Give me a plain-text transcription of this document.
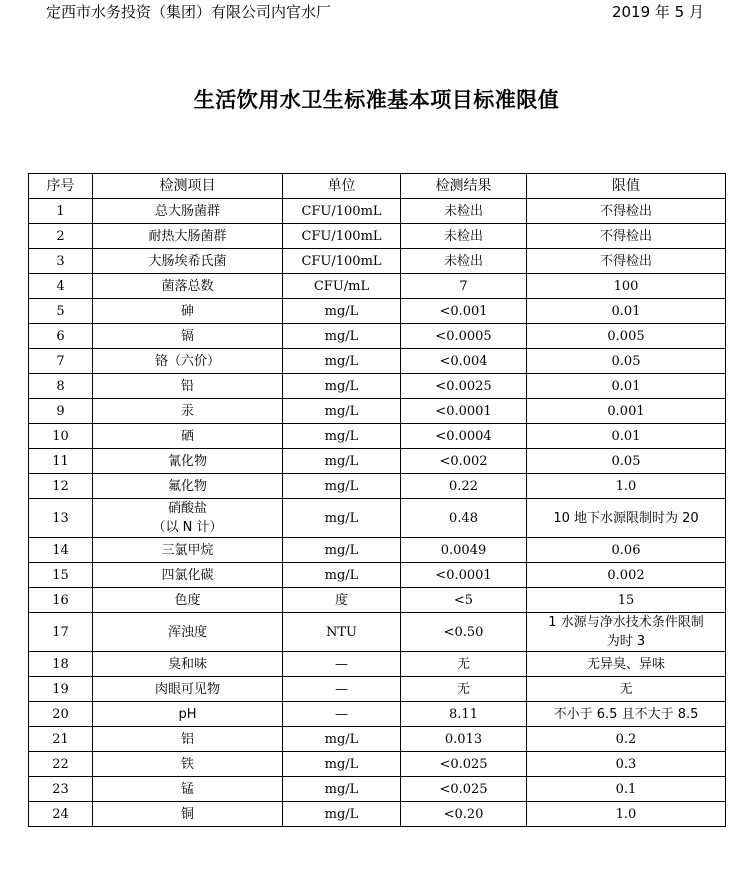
定西市水务投资（集团）有限公司内官水厂	2019 年 5 月
生活饮用水卫生标准基本项目标准限值
序号	检测项目	单位	检测结果	限值
1	总大肠菌群	CFU/100mL	未检出	不得检出

2	耐热大肠菌群	CFU/100mL	未检出	不得检出

3	大肠埃希氏菌	CFU/100mL	未检出	不得检出

4	菌落总数	CFU/mL	7	100

5	砷	mg/L	<0.001	0.01

6	镉	mg/L	<0.0005	0.005

7	铬（六价）	mg/L	<0.004	0.05

8	铅	mg/L	<0.0025	0.01

9	汞	mg/L	<0.0001	0.001

10	硒	mg/L	<0.0004	0.01

11	氰化物	mg/L	<0.002	0.05

12	氟化物	mg/L	0.22	1.0

13	硝酸盐
（以 N 计）	mg/L	0.48	10 地下水源限制时为 20

14	三氯甲烷	mg/L	0.0049	0.06

15	四氯化碳	mg/L	<0.0001	0.002

16	色度	度	<5	15

17	浑浊度	NTU	<0.50	1 水源与净水技术条件限制
为时 3

18	臭和味	—	无	无异臭、异味

19	肉眼可见物	—	无	无

20	pH	—	8.11	不小于 6.5 且不大于 8.5

21	铝	mg/L	0.013	0.2

22	铁	mg/L	<0.025	0.3

23	锰	mg/L	<0.025	0.1

24	铜	mg/L	<0.20	1.0
